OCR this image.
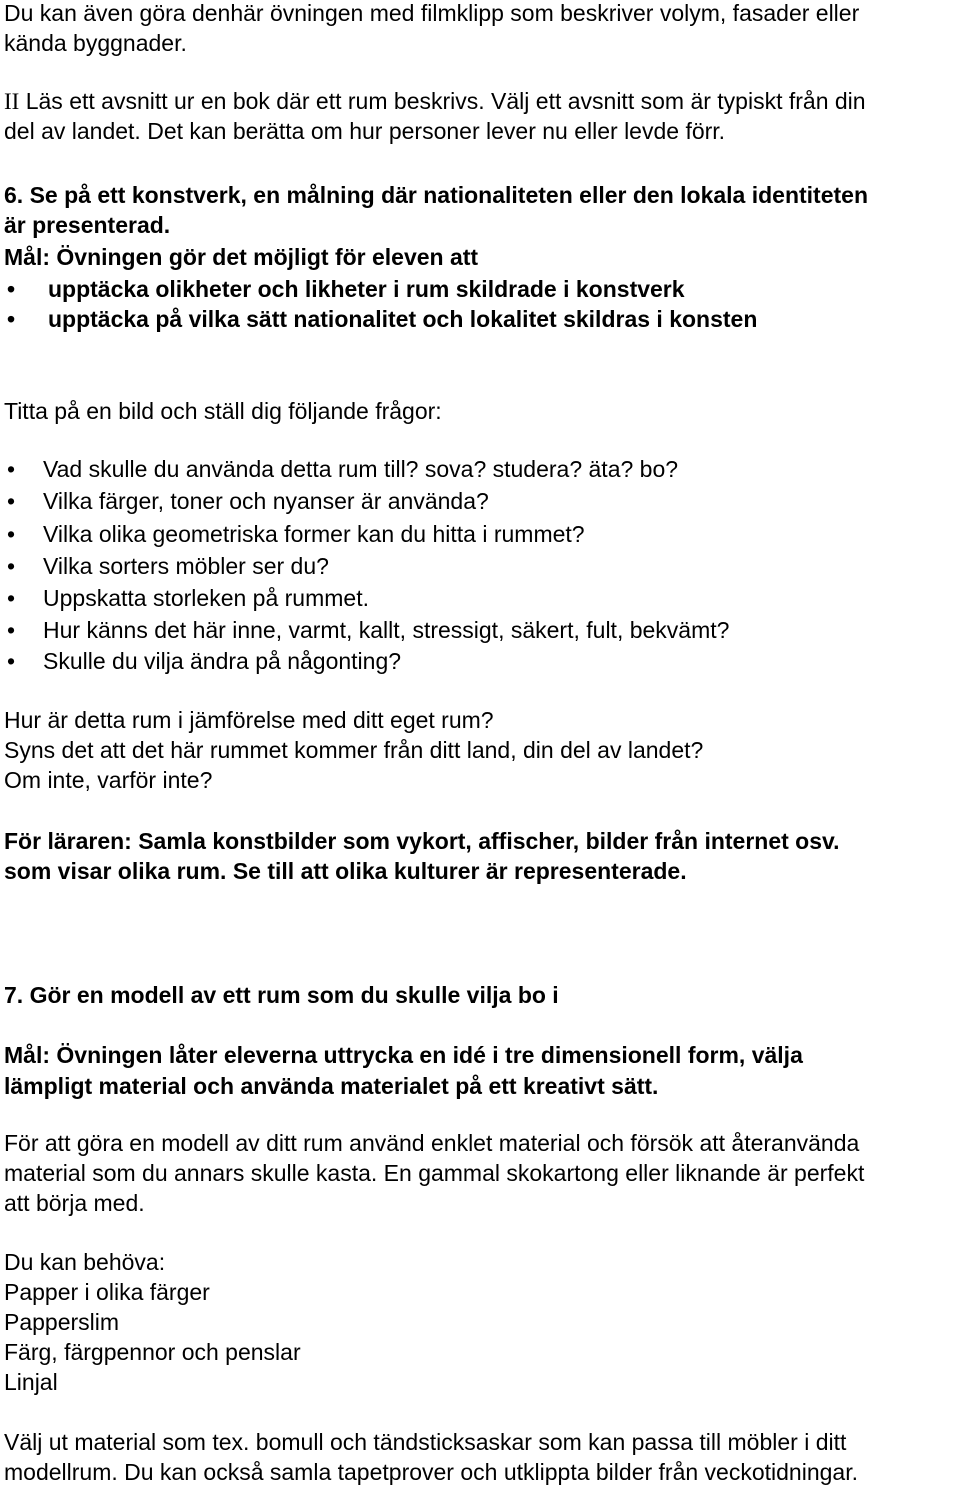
Du kan även göra denhär övningen med filmklipp som beskriver volym, fasader eller

kända byggnader.

II Läs ett avsnitt ur en bok där ett rum beskrivs. Välj ett avsnitt som är typiskt från din

del av landet. Det kan berätta om hur personer lever nu eller levde förr.

6. Se på ett konstverk, en målning där nationaliteten eller den lokala identiteten

är presenterad.

Mål: Övningen gör det möjligt för eleven att

•	upptäcka olikheter och likheter i rum skildrade i konstverk
•	upptäcka på vilka sätt nationalitet och lokalitet skildras i konsten

Titta på en bild och ställ dig följande frågor:

•	Vad skulle du använda detta rum till? sova? studera? äta? bo?
•	Vilka färger, toner och nyanser är använda?
•	Vilka olika geometriska former kan du hitta i rummet?
•	Vilka sorters möbler ser du?
•	Uppskatta storleken på rummet.
•	Hur känns det här inne, varmt, kallt, stressigt, säkert, fult, bekvämt?
•	Skulle du vilja ändra på någonting?

Hur är detta rum i jämförelse med ditt eget rum?

Syns det att det här rummet kommer från ditt land, din del av landet?

Om inte, varför inte?

För läraren: Samla konstbilder som vykort, affischer, bilder från internet osv.

som visar olika rum. Se till att olika kulturer är representerade.

7. Gör en modell av ett rum som du skulle vilja bo i

Mål: Övningen låter eleverna uttrycka en idé i tre dimensionell form, välja

lämpligt material och använda materialet på ett kreativt sätt.

För att göra en modell av ditt rum använd enklet material och försök att återanvända

material som du annars skulle kasta. En gammal skokartong eller liknande är perfekt

att börja med.

Du kan behöva:

Papper i olika färger

Papperslim

Färg, färgpennor och penslar

Linjal

Välj ut material som tex. bomull och tändsticksaskar som kan passa till möbler i ditt

modellrum. Du kan också samla tapetprover och utklippta bilder från veckotidningar.
